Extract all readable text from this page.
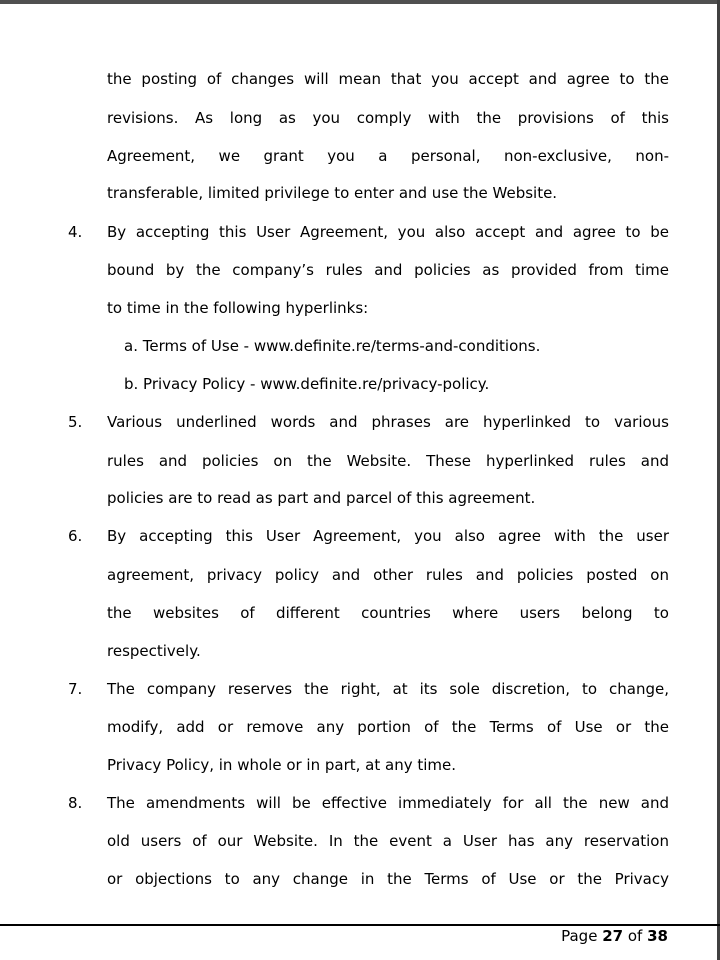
the posting of changes will mean that you accept and agree to the
revisions. As long as you comply with the provisions of this
Agreement, we grant you a personal, non-exclusive, non-
transferable, limited privilege to enter and use the Website.
4. By accepting this User Agreement, you also accept and agree to be
bound by the company’s rules and policies as provided from time
to time in the following hyperlinks:
a. Terms of Use - www.definite.re/terms-and-conditions.
b. Privacy Policy - www.definite.re/privacy-policy.
5. Various underlined words and phrases are hyperlinked to various
rules and policies on the Website. These hyperlinked rules and
policies are to read as part and parcel of this agreement.
6. By accepting this User Agreement, you also agree with the user
agreement, privacy policy and other rules and policies posted on
the websites of different countries where users belong to
respectively.
7. The company reserves the right, at its sole discretion, to change,
modify, add or remove any portion of the Terms of Use or the
Privacy Policy, in whole or in part, at any time.
8. The amendments will be effective immediately for all the new and
old users of our Website. In the event a User has any reservation
or objections to any change in the Terms of Use or the Privacy
Page 27 of 38
